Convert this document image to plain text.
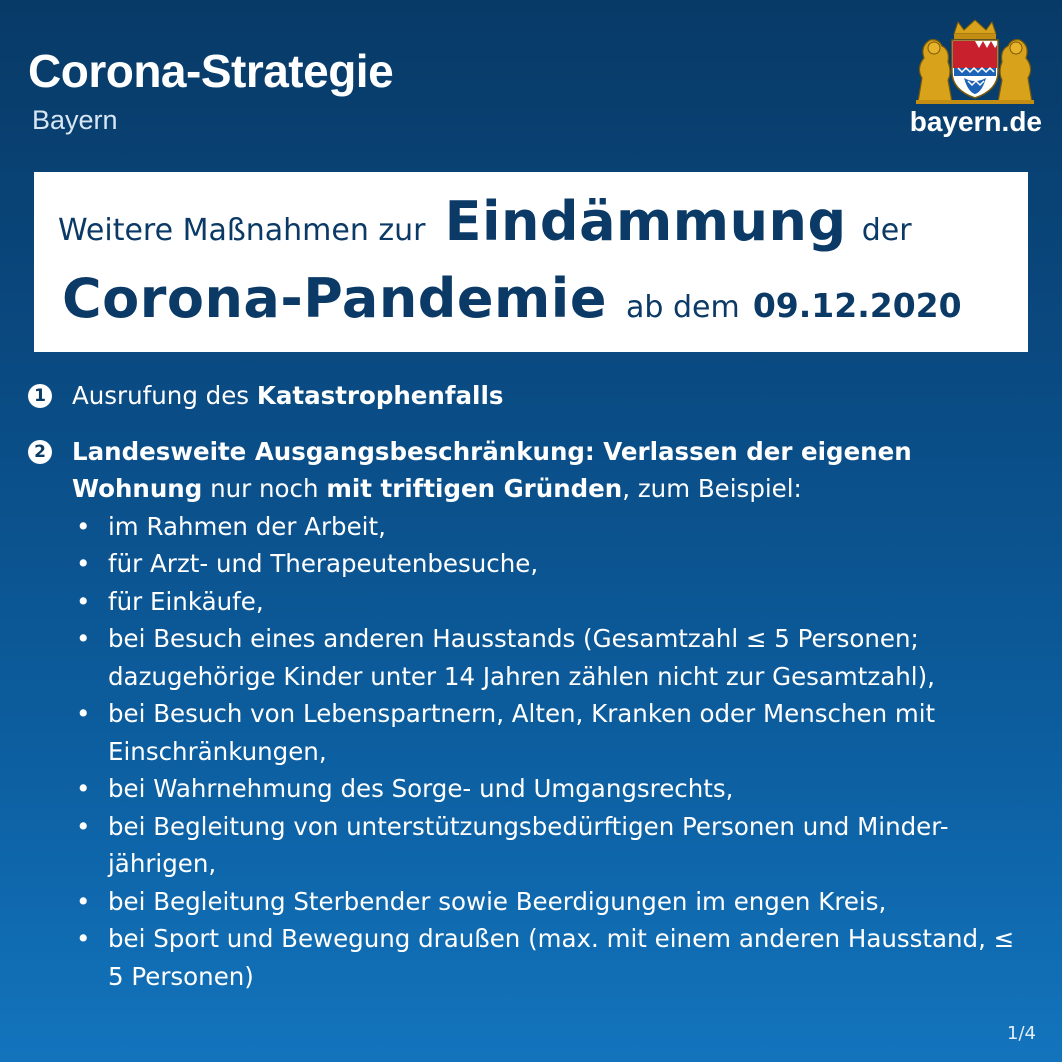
Corona-Strategie
Bayern	bayern.de
Weitere Maßnahmen zur Eindämmung der
Corona-Pandemie ab dem 09.12.2020
1 Ausrufung des Katastrophenfalls
2 Landesweite Ausgangsbeschränkung: Verlassen der eigenen Wohnung nur noch mit triftigen Gründen, zum Beispiel:
• im Rahmen der Arbeit,
• für Arzt- und Therapeutenbesuche,
• für Einkäufe,
• bei Besuch eines anderen Hausstands (Gesamtzahl ≤ 5 Personen; dazugehörige Kinder unter 14 Jahren zählen nicht zur Gesamtzahl),
• bei Besuch von Lebenspartnern, Alten, Kranken oder Menschen mit Einschränkungen,
• bei Wahrnehmung des Sorge- und Umgangsrechts,
• bei Begleitung von unterstützungsbedürftigen Personen und Minder-jährigen,
• bei Begleitung Sterbender sowie Beerdigungen im engen Kreis,
• bei Sport und Bewegung draußen (max. mit einem anderen Hausstand, ≤ 5 Personen)
1/4
